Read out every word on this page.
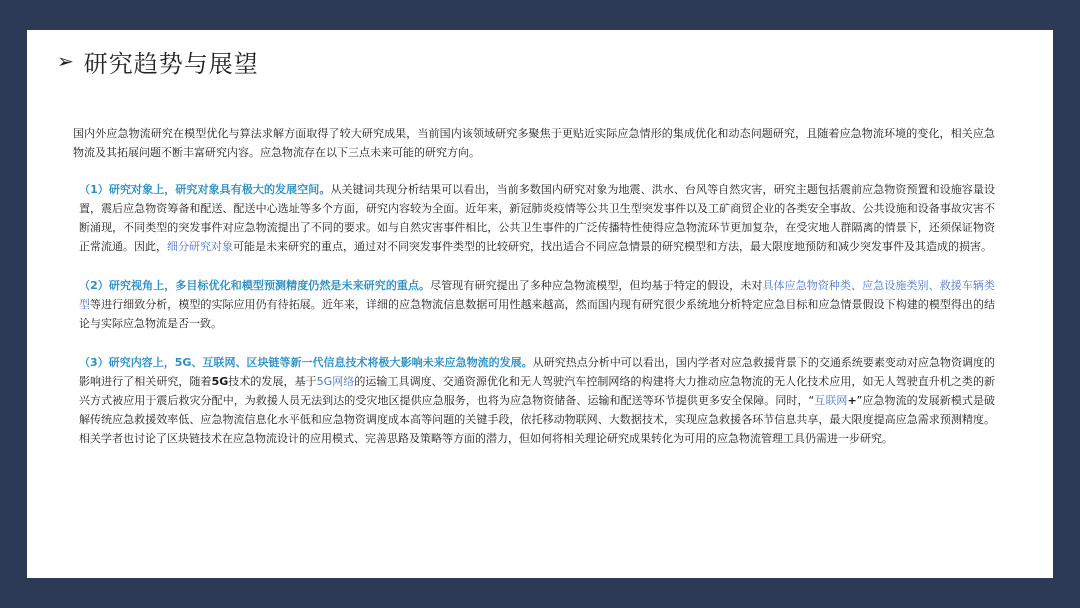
➢ 研究趋势与展望

国内外应急物流研究在模型优化与算法求解方面取得了较大研究成果，当前国内该领域研究多聚焦于更贴近实际应急情形的集成优化和动态问题研究，且随着应急物流环境的变化，相关应急物流及其拓展问题不断丰富研究内容。应急物流存在以下三点未来可能的研究方向。

（1）研究对象上，研究对象具有极大的发展空间。从关键词共现分析结果可以看出，当前多数国内研究对象为地震、洪水、台风等自然灾害，研究主题包括震前应急物资预置和设施容量设置，震后应急物资筹备和配送、配送中心选址等多个方面，研究内容较为全面。近年来，新冠肺炎疫情等公共卫生型突发事件以及工矿商贸企业的各类安全事故、公共设施和设备事故灾害不断涌现，不同类型的突发事件对应急物流提出了不同的要求。如与自然灾害事件相比，公共卫生事件的广泛传播特性使得应急物流环节更加复杂，在受灾地人群隔离的情景下，还须保证物资正常流通。因此，细分研究对象可能是未来研究的重点，通过对不同突发事件类型的比较研究，找出适合不同应急情景的研究模型和方法，最大限度地预防和减少突发事件及其造成的损害。

（2）研究视角上，多目标优化和模型预测精度仍然是未来研究的重点。尽管现有研究提出了多种应急物流模型，但均基于特定的假设，未对具体应急物资种类、应急设施类别、救援车辆类型等进行细致分析，模型的实际应用仍有待拓展。近年来，详细的应急物流信息数据可用性越来越高，然而国内现有研究很少系统地分析特定应急目标和应急情景假设下构建的模型得出的结论与实际应急物流是否一致。

（3）研究内容上，5G、互联网、区块链等新一代信息技术将极大影响未来应急物流的发展。从研究热点分析中可以看出，国内学者对应急救援背景下的交通系统要素变动对应急物资调度的影响进行了相关研究，随着5G技术的发展，基于5G网络的运输工具调度、交通资源优化和无人驾驶汽车控制网络的构建将大力推动应急物流的无人化技术应用，如无人驾驶直升机之类的新兴方式被应用于震后救灾分配中，为救援人员无法到达的受灾地区提供应急服务，也将为应急物资储备、运输和配送等环节提供更多安全保障。同时，“互联网+”应急物流的发展新模式是破解传统应急救援效率低、应急物流信息化水平低和应急物资调度成本高等问题的关键手段，依托移动物联网、大数据技术，实现应急救援各环节信息共享，最大限度提高应急需求预测精度。相关学者也讨论了区块链技术在应急物流设计的应用模式、完善思路及策略等方面的潜力，但如何将相关理论研究成果转化为可用的应急物流管理工具仍需进一步研究。
